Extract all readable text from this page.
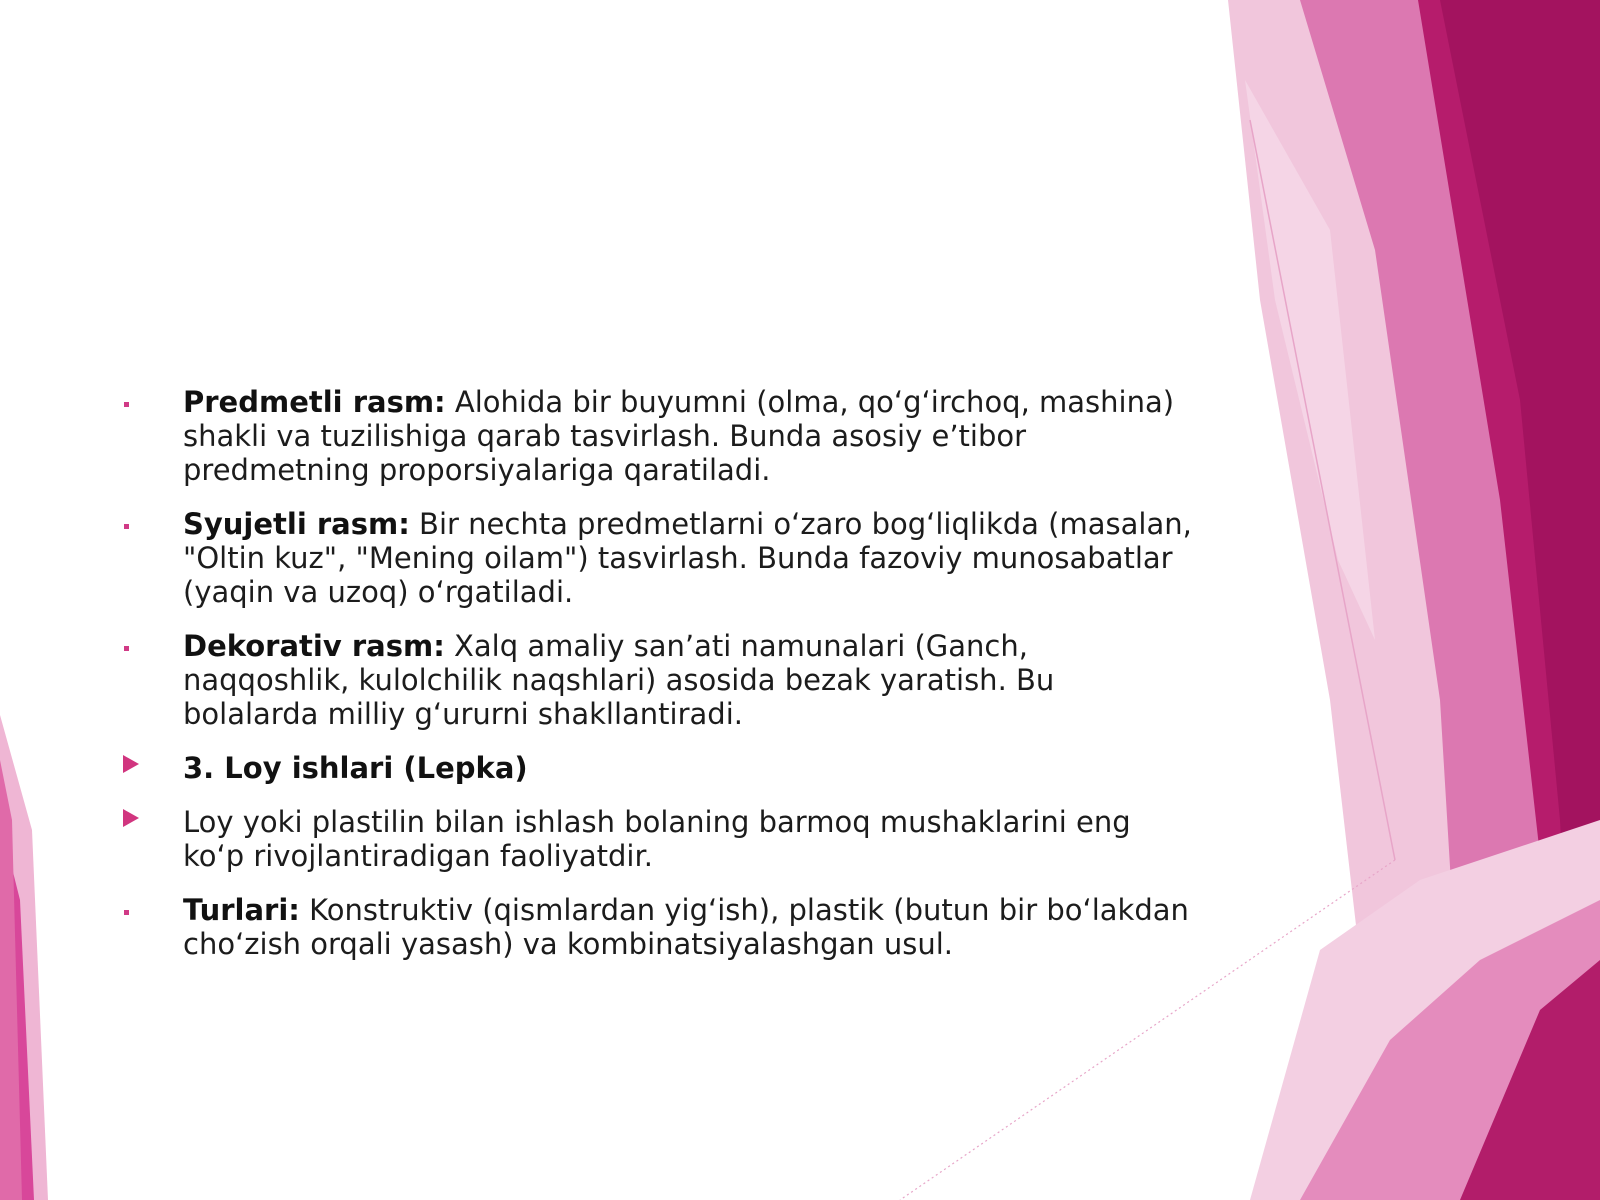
Predmetli rasm: Alohida bir buyumni (olma, qoʻgʻirchoq, mashina) shakli va tuzilishiga qarab tasvirlash. Bunda asosiy eʼtibor predmetning proporsiyalariga qaratiladi.
Syujetli rasm: Bir nechta predmetlarni oʻzaro bogʻliqlikda (masalan, "Oltin kuz", "Mening oilam") tasvirlash. Bunda fazoviy munosabatlar (yaqin va uzoq) oʻrgatiladi.
Dekorativ rasm: Xalq amaliy sanʼati namunalari (Ganch, naqqoshlik, kulolchilik naqshlari) asosida bezak yaratish. Bu bolalarda milliy gʻururni shakllantiradi.
3. Loy ishlari (Lepka)
Loy yoki plastilin bilan ishlash bolaning barmoq mushaklarini eng koʻp rivojlantiradigan faoliyatdir.
Turlari: Konstruktiv (qismlardan yigʻish), plastik (butun bir boʻlakdan choʻzish orqali yasash) va kombinatsiyalashgan usul.
